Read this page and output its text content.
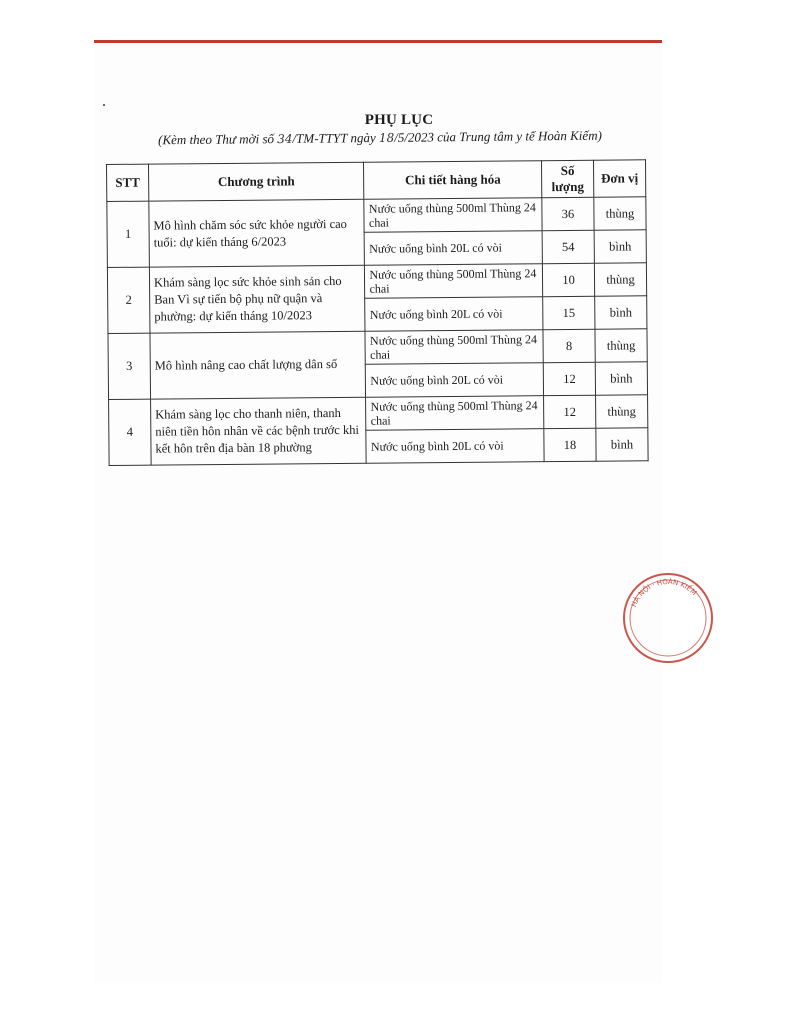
PHỤ LỤC
(Kèm theo Thư mời số 34/TM-TTYT ngày 18/5/2023 của Trung tâm y tế Hoàn Kiếm)
STT	Chương trình	Chi tiết hàng hóa	Số lượng	Đơn vị
1	Mô hình chăm sóc sức khỏe người cao tuổi: dự kiến tháng 6/2023	Nước uống thùng 500ml Thùng 24 chai	36	thùng
		Nước uống bình 20L có vòi	54	bình
2	Khám sàng lọc sức khỏe sinh sản cho Ban Vì sự tiến bộ phụ nữ quận và phường: dự kiến tháng 10/2023	Nước uống thùng 500ml Thùng 24 chai	10	thùng
		Nước uống bình 20L có vòi	15	bình
3	Mô hình nâng cao chất lượng dân số	Nước uống thùng 500ml Thùng 24 chai	8	thùng
		Nước uống bình 20L có vòi	12	bình
4	Khám sàng lọc cho thanh niên, thanh niên tiền hôn nhân về các bệnh trước khi kết hôn trên địa bàn 18 phường	Nước uống thùng 500ml Thùng 24 chai	12	thùng
		Nước uống bình 20L có vòi	18	bình
HÀ NỘI · HOÀN KIẾM
